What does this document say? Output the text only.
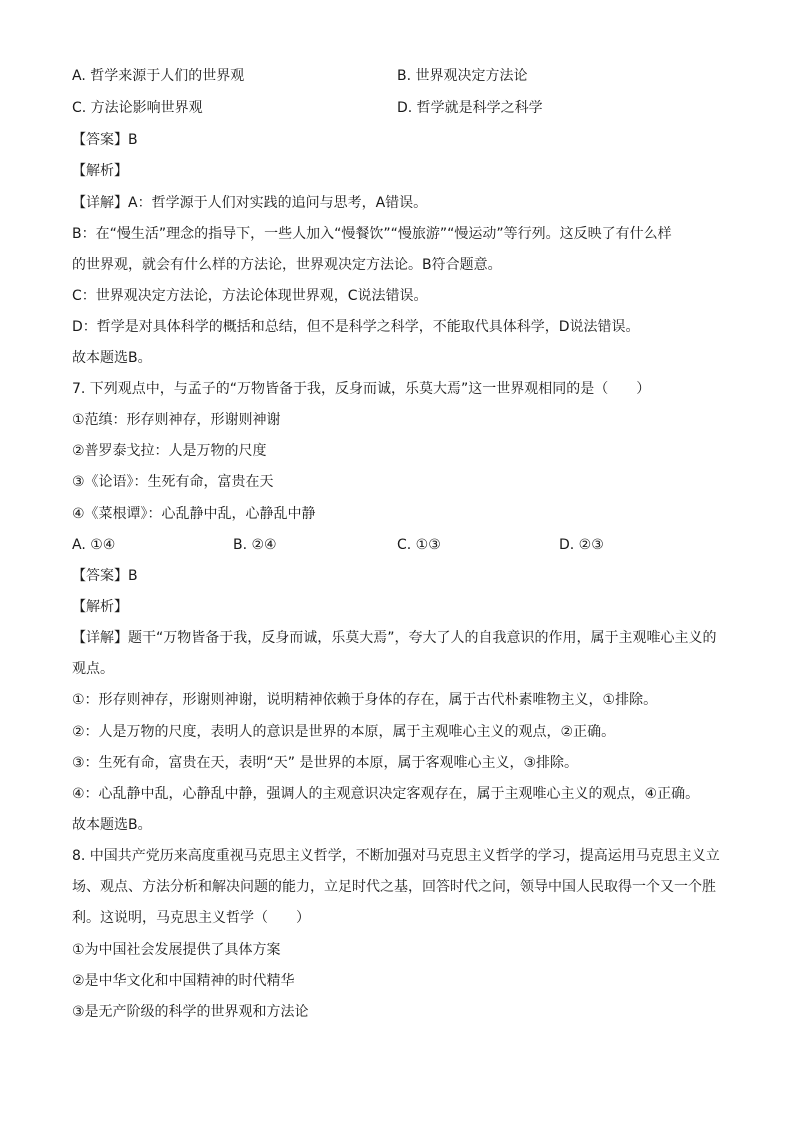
A. 哲学来源于人们的世界观	B. 世界观决定方法论
C. 方法论影响世界观	D. 哲学就是科学之科学
【答案】B
【解析】
【详解】A：哲学源于人们对实践的追问与思考，A错误。
B：在“慢生活”理念的指导下，一些人加入“慢餐饮”“慢旅游”“慢运动”等行列。这反映了有什么样
的世界观，就会有什么样的方法论，世界观决定方法论。B符合题意。
C：世界观决定方法论，方法论体现世界观，C说法错误。
D：哲学是对具体科学的概括和总结，但不是科学之科学，不能取代具体科学，D说法错误。
故本题选B。
7. 下列观点中，与孟子的“万物皆备于我，反身而诚，乐莫大焉”这一世界观相同的是（　　）
①范缜：形存则神存，形谢则神谢
②普罗泰戈拉：人是万物的尺度
③《论语》：生死有命，富贵在天
④《菜根谭》：心乱静中乱，心静乱中静
A. ①④	B. ②④	C. ①③	D. ②③
【答案】B
【解析】
【详解】题干“万物皆备于我，反身而诚，乐莫大焉”，夸大了人的自我意识的作用，属于主观唯心主义的
观点。
①：形存则神存，形谢则神谢，说明精神依赖于身体的存在，属于古代朴素唯物主义，①排除。
②：人是万物的尺度，表明人的意识是世界的本原，属于主观唯心主义的观点，②正确。
③：生死有命，富贵在天，表明“天” 是世界的本原，属于客观唯心主义，③排除。
④：心乱静中乱，心静乱中静，强调人的主观意识决定客观存在，属于主观唯心主义的观点，④正确。
故本题选B。
8. 中国共产党历来高度重视马克思主义哲学，不断加强对马克思主义哲学的学习，提高运用马克思主义立
场、观点、方法分析和解决问题的能力，立足时代之基，回答时代之问，领导中国人民取得一个又一个胜
利。这说明，马克思主义哲学（　　）
①为中国社会发展提供了具体方案
②是中华文化和中国精神的时代精华
③是无产阶级的科学的世界观和方法论
